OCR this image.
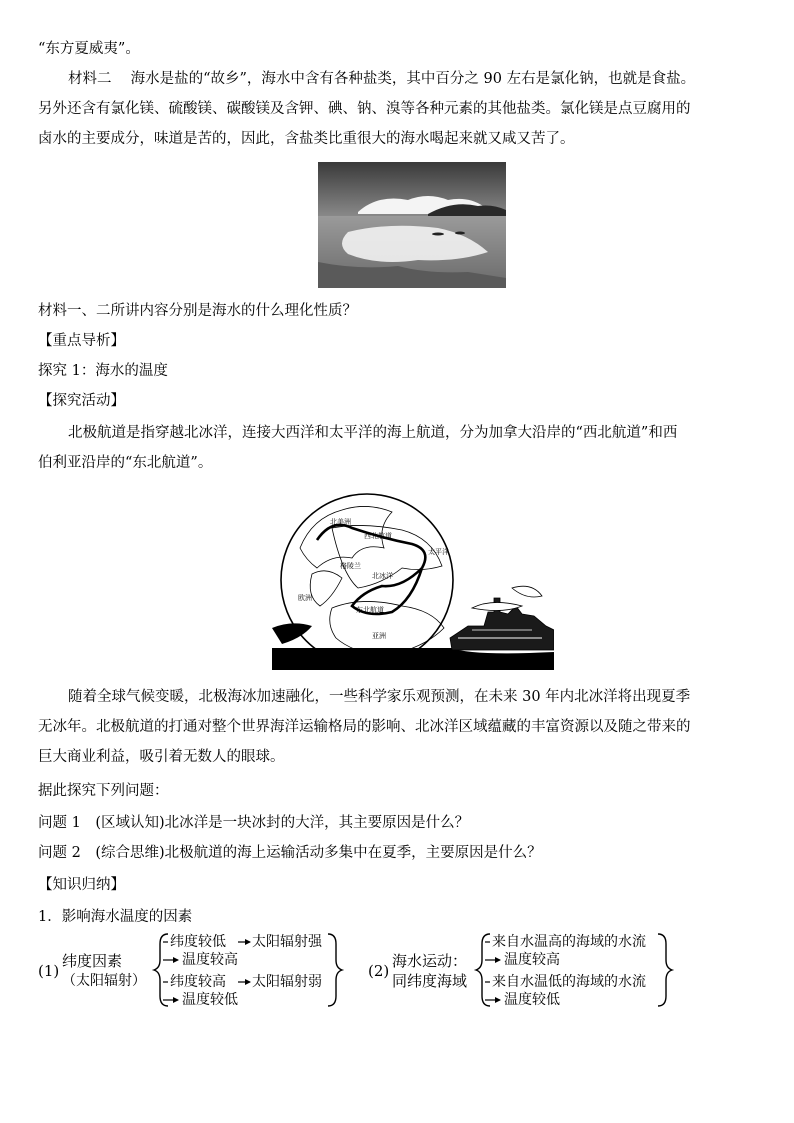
“东方夏威夷”。
材料二　 海水是盐的“故乡”，海水中含有各种盐类，其中百分之 90 左右是氯化钠，也就是食盐。
另外还含有氯化镁、硫酸镁、碳酸镁及含钾、碘、钠、溴等各种元素的其他盐类。氯化镁是点豆腐用的
卤水的主要成分，味道是苦的，因此，含盐类比重很大的海水喝起来就又咸又苦了。
材料一、二所讲内容分别是海水的什么理化性质？
【重点导析】
探究 1：海水的温度
【探究活动】
北极航道是指穿越北冰洋，连接大西洋和太平洋的海上航道，分为加拿大沿岸的“西北航道”和西
伯利亚沿岸的“东北航道”。
北美洲
西北航道
太平洋
格陵兰
北冰洋
欧洲
东北航道
亚洲
随着全球气候变暖，北极海冰加速融化，一些科学家乐观预测，在未来 30 年内北冰洋将出现夏季
无冰年。北极航道的打通对整个世界海洋运输格局的影响、北冰洋区域蕴藏的丰富资源以及随之带来的
巨大商业利益，吸引着无数人的眼球。
据此探究下列问题：
问题 1　(区域认知)北冰洋是一块冰封的大洋，其主要原因是什么？
问题 2　(综合思维)北极航道的海上运输活动多集中在夏季，主要原因是什么？
【知识归纳】
1．影响海水温度的因素
(1)
纬度因素
（太阳辐射）
纬度较低 太阳辐射强
温度较高
纬度较高 太阳辐射弱
温度较低
(2)
海水运动：
同纬度海域
来自水温高的海域的水流
温度较高
来自水温低的海域的水流
温度较低
